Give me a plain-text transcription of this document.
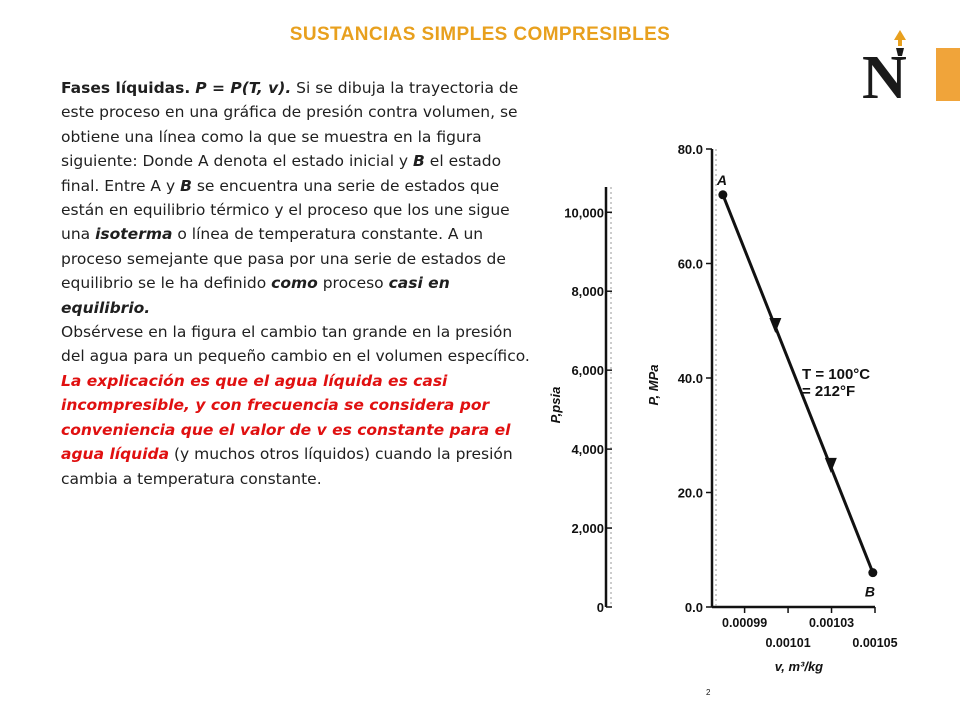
SUSTANCIAS SIMPLES COMPRESIBLES
N
Fases líquidas. P = P(T, v). Si se dibuja la trayectoria de este proceso en una gráfica de presión contra volumen, se obtiene una línea como la que se muestra en la figura siguiente: Donde A denota el estado inicial y B el estado final. Entre A y B se encuentra una serie de estados que están en equilibrio térmico y el proceso que los une sigue una isoterma o línea de temperatura constante. A un proceso semejante que pasa por una serie de estados de equilibrio se le ha definido como proceso casi en equilibrio.
Obsérvese en la figura el cambio tan grande en la presión del agua para un pequeño cambio en el volumen específico. La explicación es que el agua líquida es casi incompresible, y con frecuencia se considera por conveniencia que el valor de v es constante para el agua líquida (y muchos otros líquidos) cuando la presión cambia a temperatura constante.
0.0
20.0
40.0
60.0
80.0
0
2,000
4,000
6,000
8,000
10,000
P,psia	P, MPa
0.00099	0.00103
0.00101	0.00105
v, m³/kg
A
B
T = 100°C
= 212°F
2
